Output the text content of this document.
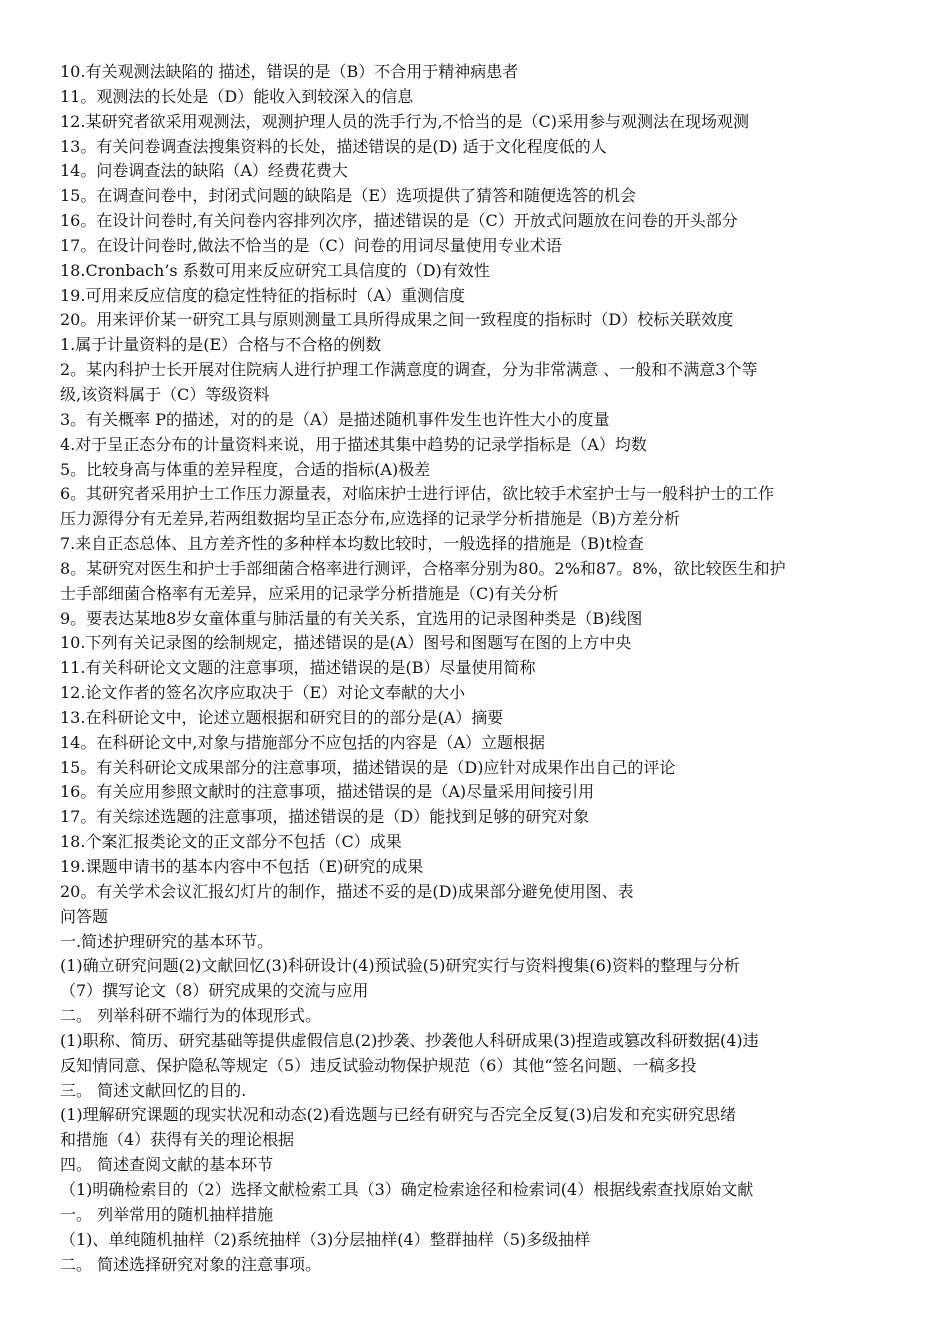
10.有关观测法缺陷的 描述，错误的是（B）不合用于精神病患者
11。观测法的长处是（D）能收入到较深入的信息
12.某研究者欲采用观测法，观测护理人员的洗手行为,不恰当的是（C)采用参与观测法在现场观测
13。有关问卷调查法搜集资料的长处，描述错误的是(D) 适于文化程度低的人
14。问卷调查法的缺陷（A）经费花费大
15。在调查问卷中，封闭式问题的缺陷是（E）选项提供了猜答和随便选答的机会
16。在设计问卷时,有关问卷内容排列次序，描述错误的是（C）开放式问题放在问卷的开头部分
17。在设计问卷时,做法不恰当的是（C）问卷的用词尽量使用专业术语
18.Cronbach’s 系数可用来反应研究工具信度的（D)有效性
19.可用来反应信度的稳定性特征的指标时（A）重测信度
20。用来评价某一研究工具与原则测量工具所得成果之间一致程度的指标时（D）校标关联效度
1.属于计量资料的是(E）合格与不合格的例数
2。某内科护士长开展对住院病人进行护理工作满意度的调查，分为非常满意 、一般和不满意3个等
级,该资料属于（C）等级资料
3。有关概率 P的描述，对的的是（A）是描述随机事件发生也许性大小的度量
4.对于呈正态分布的计量资料来说，用于描述其集中趋势的记录学指标是（A）均数
5。比较身高与体重的差异程度，合适的指标(A)极差
6。其研究者采用护士工作压力源量表，对临床护士进行评估，欲比较手术室护士与一般科护士的工作
压力源得分有无差异,若两组数据均呈正态分布,应选择的记录学分析措施是（B)方差分析
7.来自正态总体、且方差齐性的多种样本均数比较时，一般选择的措施是（B)t检查
8。某研究对医生和护士手部细菌合格率进行测评，合格率分别为80。2%和87。8%，欲比较医生和护
士手部细菌合格率有无差异，应采用的记录学分析措施是（C)有关分析
9。要表达某地8岁女童体重与肺活量的有关关系，宜选用的记录图种类是（B)线图
10.下列有关记录图的绘制规定，描述错误的是(A）图号和图题写在图的上方中央
11.有关科研论文文题的注意事项，描述错误的是(B）尽量使用简称
12.论文作者的签名次序应取决于（E）对论文奉献的大小
13.在科研论文中，论述立题根据和研究目的的部分是(A）摘要
14。在科研论文中,对象与措施部分不应包括的内容是（A）立题根据
15。有关科研论文成果部分的注意事项，描述错误的是（D)应针对成果作出自己的评论
16。有关应用参照文献时的注意事项，描述错误的是（A)尽量采用间接引用
17。有关综述选题的注意事项，描述错误的是（D）能找到足够的研究对象
18.个案汇报类论文的正文部分不包括（C）成果
19.课题申请书的基本内容中不包括（E)研究的成果
20。有关学术会议汇报幻灯片的制作，描述不妥的是(D)成果部分避免使用图、表
问答题
一.简述护理研究的基本环节。
(1)确立研究问题(2)文献回忆(3)科研设计(4)预试验(5)研究实行与资料搜集(6)资料的整理与分析
（7）撰写论文（8）研究成果的交流与应用
二。 列举科研不端行为的体现形式。
(1)职称、简历、研究基础等提供虚假信息(2)抄袭、抄袭他人科研成果(3)捏造或篡改科研数据(4)违
反知情同意、保护隐私等规定（5）违反试验动物保护规范（6）其他“签名问题、一稿多投
三。 简述文献回忆的目的.
(1)理解研究课题的现实状况和动态(2)看选题与已经有研究与否完全反复(3)启发和充实研究思绪
和措施（4）获得有关的理论根据
四。 简述查阅文献的基本环节
（1)明确检索目的（2）选择文献检索工具（3）确定检索途径和检索词(4）根据线索查找原始文献
一。 列举常用的随机抽样措施
（1)、单纯随机抽样（2)系统抽样（3)分层抽样(4）整群抽样（5)多级抽样
二。 简述选择研究对象的注意事项。
